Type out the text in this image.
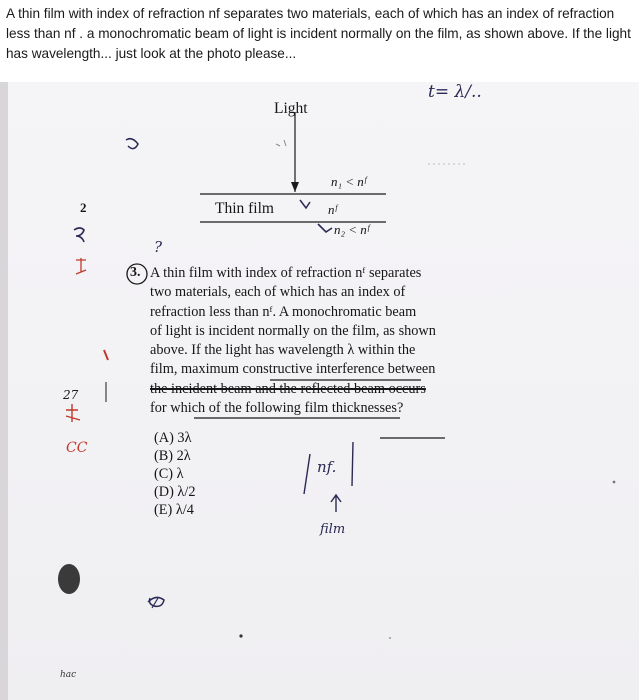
A thin film with index of refraction nf separates two materials, each of which has an index of refraction less than nf . a monochromatic beam of light is incident normally on the film, as shown above. If the light has wavelength... just look at the photo please...
Light
n₁ < nᶠ
Thin film	nᶠ
n₂ < nᶠ
3. A thin film with index of refraction nᶠ separates
two materials, each of which has an index of
refraction less than nᶠ. A monochromatic beam
of light is incident normally on the film, as shown
above. If the light has wavelength λ within the
film, maximum constructive interference between
the incident beam and the reflected beam occurs
for which of the following film thicknesses?
(A) 3λ
(B) 2λ
(C) λ
(D) λ/2
(E) λ/4
t= λ/..
2
?
27
CC
nf.
film
hac
